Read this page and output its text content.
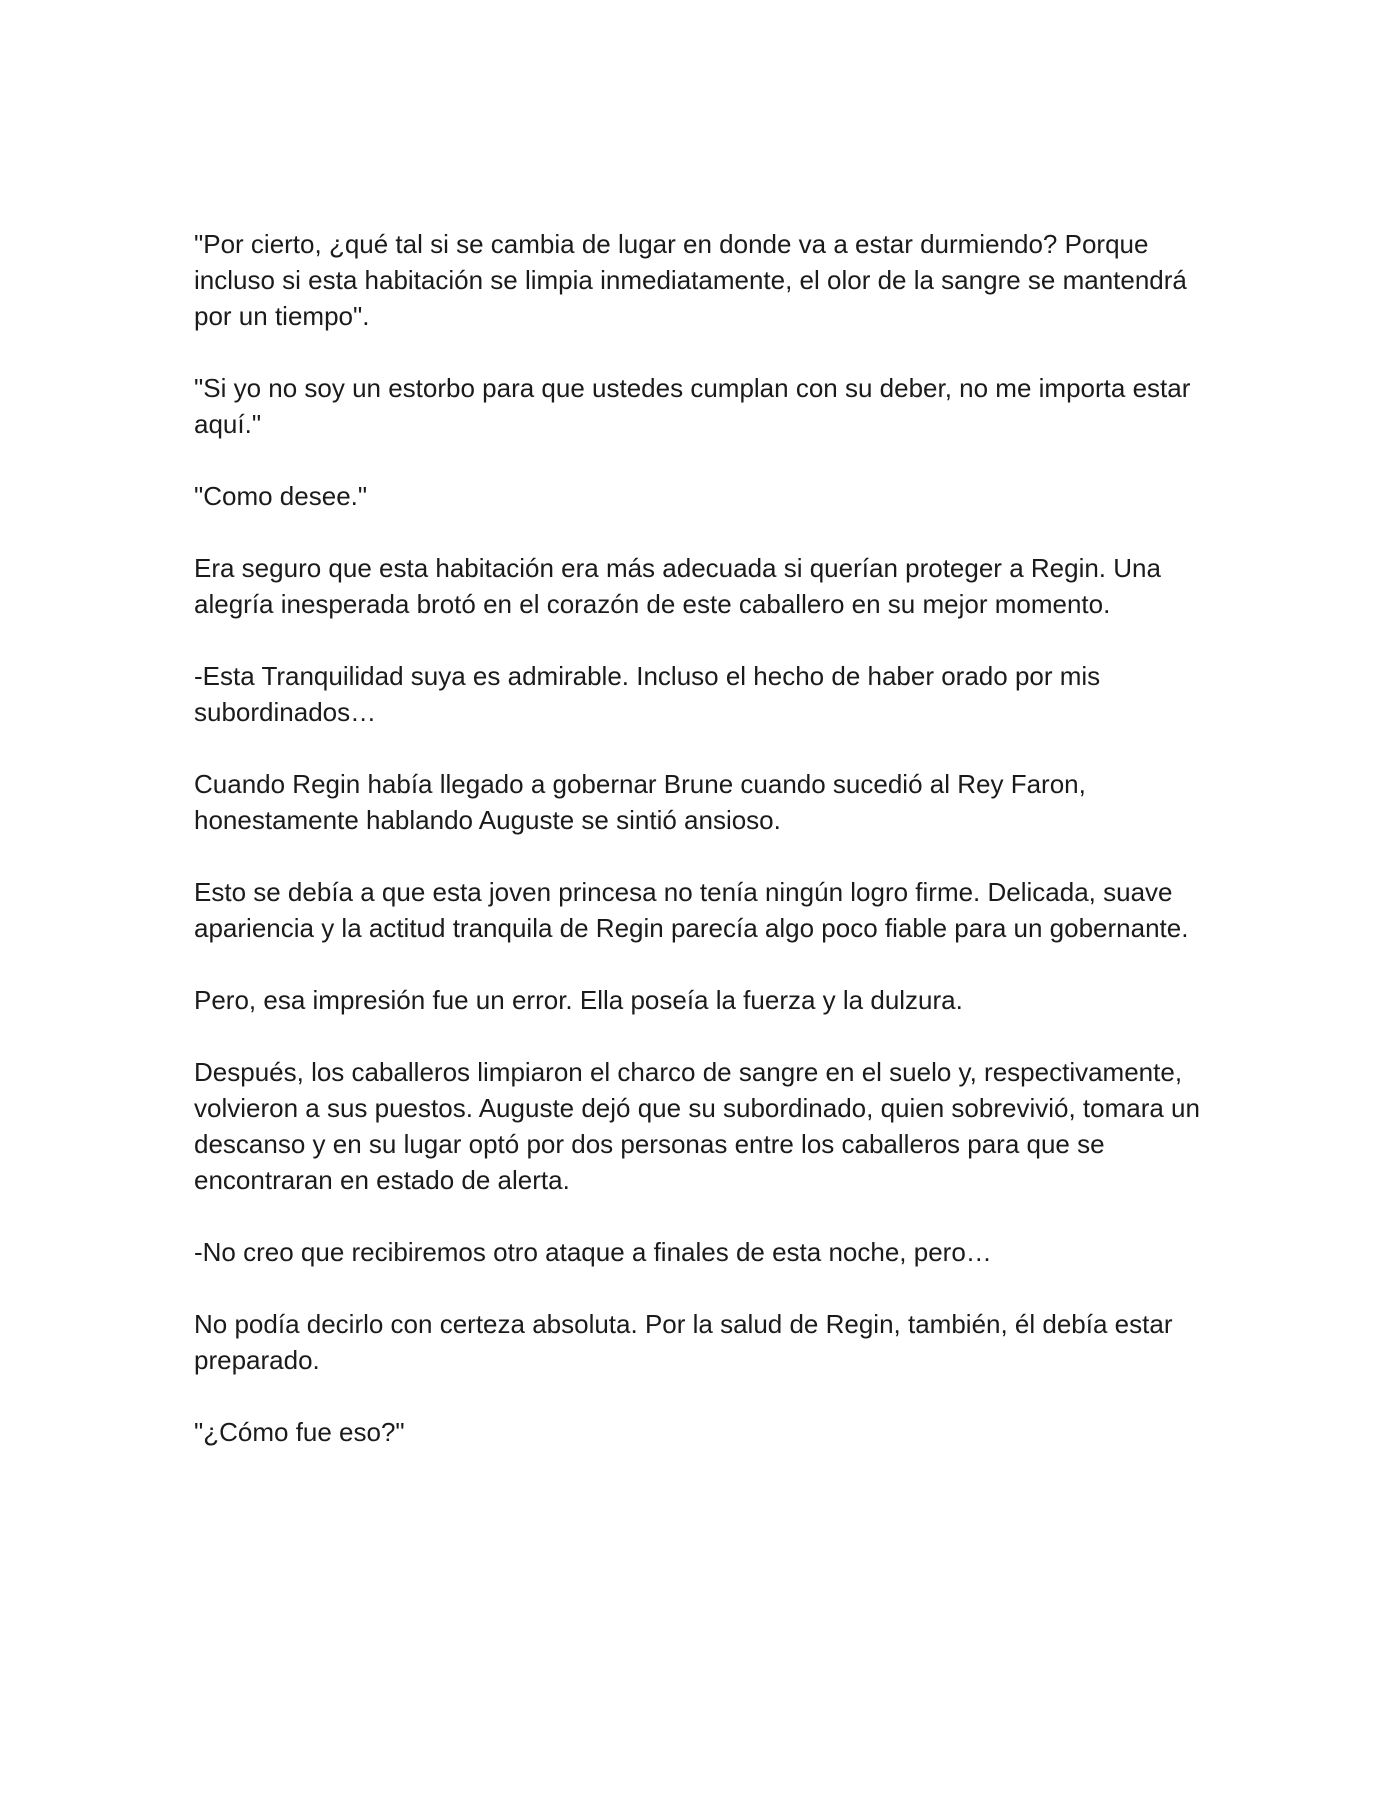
"Por cierto, ¿qué tal si se cambia de lugar en donde va a estar durmiendo? Porque incluso si esta habitación se limpia inmediatamente, el olor de la sangre se mantendrá por un tiempo".

"Si yo no soy un estorbo para que ustedes cumplan con su deber, no me importa estar aquí."

"Como desee."

Era seguro que esta habitación era más adecuada si querían proteger a Regin. Una alegría inesperada brotó en el corazón de este caballero en su mejor momento.

-Esta Tranquilidad suya es admirable. Incluso el hecho de haber orado por mis subordinados…

Cuando Regin había llegado a gobernar Brune cuando sucedió al Rey Faron, honestamente hablando Auguste se sintió ansioso.

Esto se debía a que esta joven princesa no tenía ningún logro firme. Delicada, suave apariencia y la actitud tranquila de Regin parecía algo poco fiable para un gobernante.

Pero, esa impresión fue un error. Ella poseía la fuerza y la dulzura.

Después, los caballeros limpiaron el charco de sangre en el suelo y, respectivamente, volvieron a sus puestos. Auguste dejó que su subordinado, quien sobrevivió, tomara un descanso y en su lugar optó por dos personas entre los caballeros para que se encontraran en estado de alerta.

-No creo que recibiremos otro ataque a finales de esta noche, pero…

No podía decirlo con certeza absoluta. Por la salud de Regin, también, él debía estar preparado.

"¿Cómo fue eso?"
